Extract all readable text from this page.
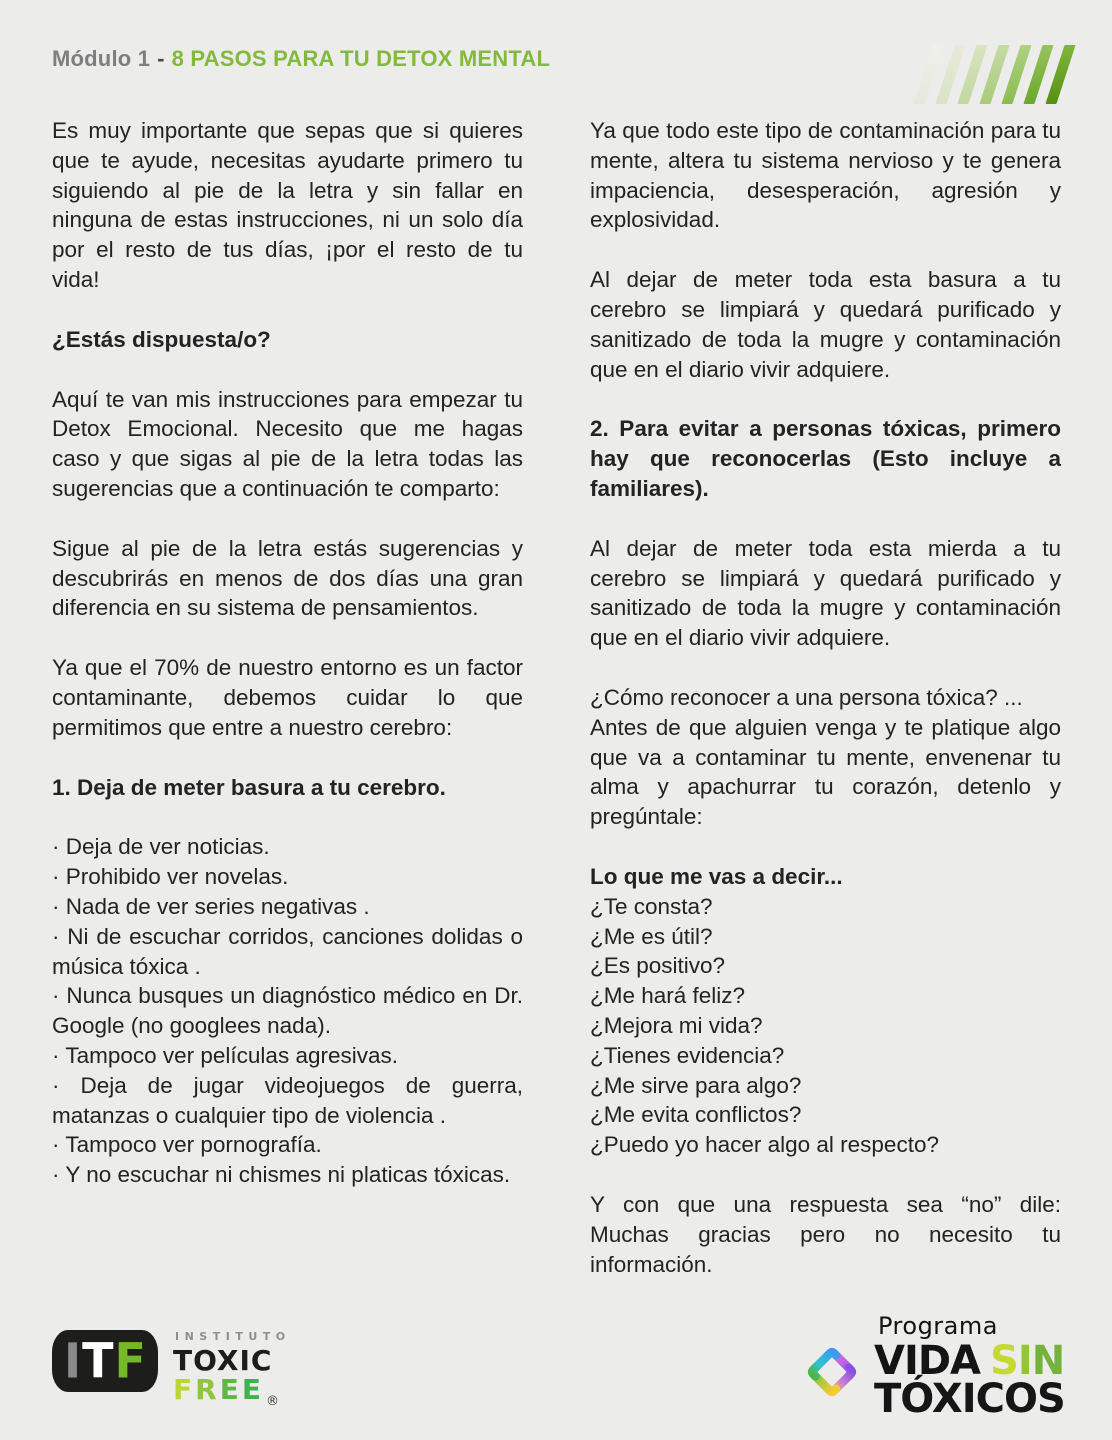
Módulo 1 - 8 PASOS PARA TU DETOX MENTAL
Es muy importante que sepas que si quieres que te ayude, necesitas ayudarte primero tu siguiendo al pie de la letra y sin fallar en ninguna de estas instrucciones, ni un solo día por el resto de tus días, ¡por el resto de tu vida!
¿Estás dispuesta/o?
Aquí te van mis instrucciones para empezar tu Detox Emocional. Necesito que me hagas caso y que sigas al pie de la letra todas las sugerencias que a continuación te comparto:
Sigue al pie de la letra estás sugerencias y descubrirás en menos de dos días una gran diferencia en su sistema de pensamientos.
Ya que el 70% de nuestro entorno es un factor contaminante, debemos cuidar lo que permitimos que entre a nuestro cerebro:
1. Deja de meter basura a tu cerebro.
· Deja de ver noticias.
· Prohibido ver novelas.
· Nada de ver series negativas .
· Ni de escuchar corridos, canciones dolidas o música tóxica .
· Nunca busques un diagnóstico médico en Dr. Google (no googlees nada).
· Tampoco ver películas agresivas.
· Deja de jugar videojuegos de guerra, matanzas o cualquier tipo de violencia .
· Tampoco ver pornografía.
· Y no escuchar ni chismes ni platicas tóxicas.
Ya que todo este tipo de contaminación para tu mente, altera tu sistema nervioso y te genera impaciencia, desesperación, agresión y explosividad.
Al dejar de meter toda esta basura a tu cerebro se limpiará y quedará purificado y sanitizado de toda la mugre y contaminación que en el diario vivir adquiere.
2. Para evitar a personas tóxicas, primero hay que reconocerlas (Esto incluye a familiares).
Al dejar de meter toda esta mierda a tu cerebro se limpiará y quedará purificado y sanitizado de toda la mugre y contaminación que en el diario vivir adquiere.
¿Cómo reconocer a una persona tóxica? ...
Antes de que alguien venga y te platique algo que va a contaminar tu mente, envenenar tu alma y apachurrar tu corazón, detenlo y pregúntale:
Lo que me vas a decir...
¿Te consta?
¿Me es útil?
¿Es positivo?
¿Me hará feliz?
¿Mejora mi vida?
¿Tienes evidencia?
¿Me sirve para algo?
¿Me evita conflictos?
¿Puedo yo hacer algo al respecto?
Y con que una respuesta sea “no” dile: Muchas gracias pero no necesito tu información.
I T F	INSTITUTO
TOXIC
FREE $_®$
Programa
VIDA SIN
TÓXICOS
